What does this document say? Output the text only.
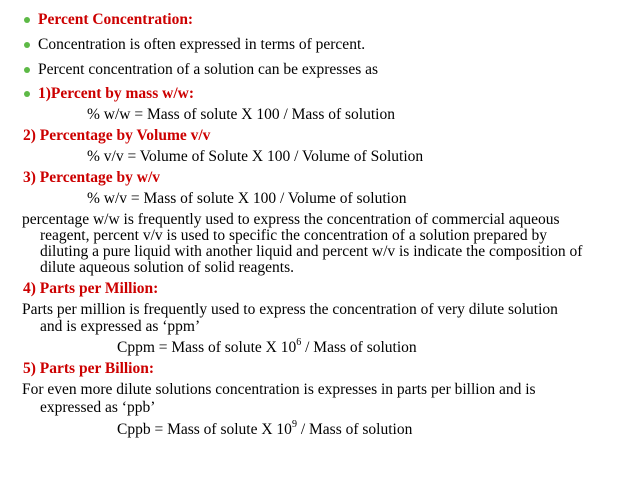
Percent Concentration:
Concentration is often expressed in terms of percent.
Percent concentration of a solution can be expresses as
1)Percent by mass w/w:
% w/w = Mass of solute X 100 / Mass of solution
2) Percentage by Volume v/v
% v/v = Volume of Solute X 100 / Volume of Solution
3) Percentage by w/v
% w/v = Mass of solute X 100 / Volume of solution
percentage w/w is frequently used to express the concentration of commercial aqueous
reagent, percent v/v is used to specific the concentration of a solution prepared by
diluting a pure liquid with another liquid and percent w/v is indicate the composition of
dilute aqueous solution of solid reagents.
4) Parts per Million:
Parts per million is frequently used to express the concentration of very dilute solution
and is expressed as ‘ppm’
Cppm = Mass of solute X $10^6$ / Mass of solution
5) Parts per Billion:
For even more dilute solutions concentration is expresses in parts per billion and is
expressed as ‘ppb’
Cppb = Mass of solute X $10^9$ / Mass of solution
